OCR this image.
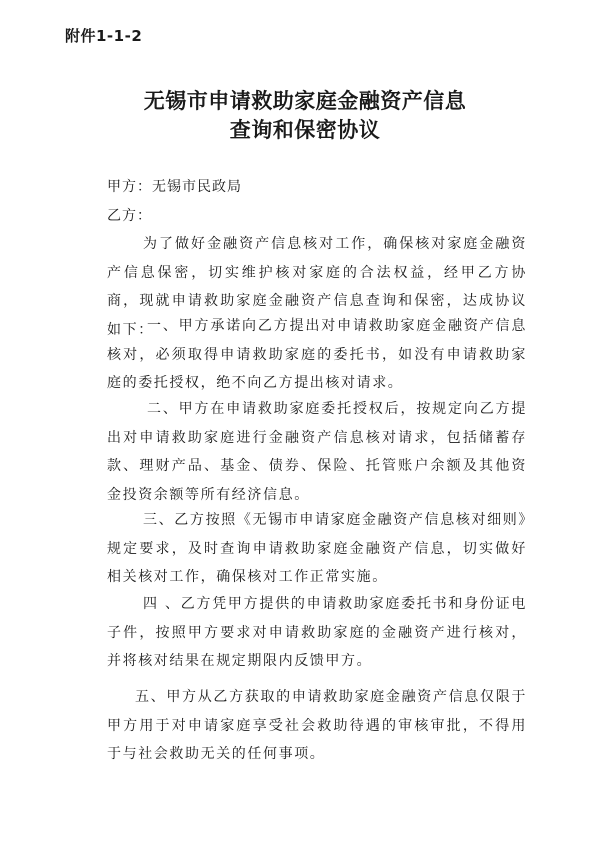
附件1-1-2
无锡市申请救助家庭金融资产信息
查询和保密协议
甲方：无锡市民政局
乙方：

为了做好金融资产信息核对工作，确保核对家庭金融资产信息保密，切实维护核对家庭的合法权益，经甲乙方协商，现就申请救助家庭金融资产信息查询和保密，达成协议如下：

一、甲方承诺向乙方提出对申请救助家庭金融资产信息核对，必须取得申请救助家庭的委托书，如没有申请救助家庭的委托授权，绝不向乙方提出核对请求。

二、甲方在申请救助家庭委托授权后，按规定向乙方提出对申请救助家庭进行金融资产信息核对请求，包括储蓄存款、理财产品、基金、债券、保险、托管账户余额及其他资金投资余额等所有经济信息。

三、乙方按照《无锡市申请家庭金融资产信息核对细则》规定要求，及时查询申请救助家庭金融资产信息，切实做好相关核对工作，确保核对工作正常实施。

四 、乙方凭甲方提供的申请救助家庭委托书和身份证电子件，按照甲方要求对申请救助家庭的金融资产进行核对，并将核对结果在规定期限内反馈甲方。

五、甲方从乙方获取的申请救助家庭金融资产信息仅限于甲方用于对申请家庭享受社会救助待遇的审核审批，不得用于与社会救助无关的任何事项。
